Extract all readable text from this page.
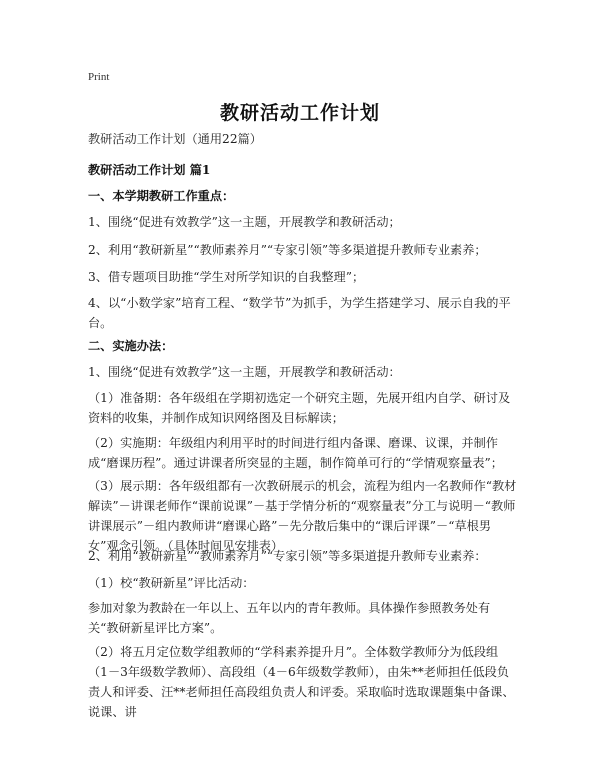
Print
教研活动工作计划
教研活动工作计划（通用22篇）
教研活动工作计划 篇1
一、本学期教研工作重点：
1、围绕“促进有效教学”这一主题，开展教学和教研活动；
2、利用“教研新星”“教师素养月”“专家引领”等多渠道提升教师专业素养；
3、借专题项目助推“学生对所学知识的自我整理”；
4、以“小数学家”培育工程、“数学节”为抓手，为学生搭建学习、展示自我的平台。
二、实施办法：
1、围绕“促进有效教学”这一主题，开展教学和教研活动：
（1）准备期：各年级组在学期初选定一个研究主题，先展开组内自学、研讨及资料的收集，并制作成知识网络图及目标解读；
（2）实施期：年级组内利用平时的时间进行组内备课、磨课、议课，并制作成“磨课历程”。通过讲课者所突显的主题，制作简单可行的“学情观察量表”；
（3）展示期：各年级组都有一次教研展示的机会，流程为组内一名教师作“教材解读”－讲课老师作“课前说课”－基于学情分析的“观察量表”分工与说明－“教师讲课展示”－组内教师讲“磨课心路”－先分散后集中的“课后评课”－“草根男女”观念引领。（具体时间见安排表）
2、利用“教研新星”“教师素养月”“专家引领”等多渠道提升教师专业素养：
（1）校“教研新星”评比活动：
参加对象为教龄在一年以上、五年以内的青年教师。具体操作参照教务处有关“教研新星评比方案”。
（2）将五月定位数学组教师的“学科素养提升月”。全体数学教师分为低段组（1－3年级数学教师）、高段组（4－6年级数学教师），由朱**老师担任低段负责人和评委、汪**老师担任高段组负责人和评委。采取临时选取课题集中备课、说课、讲
